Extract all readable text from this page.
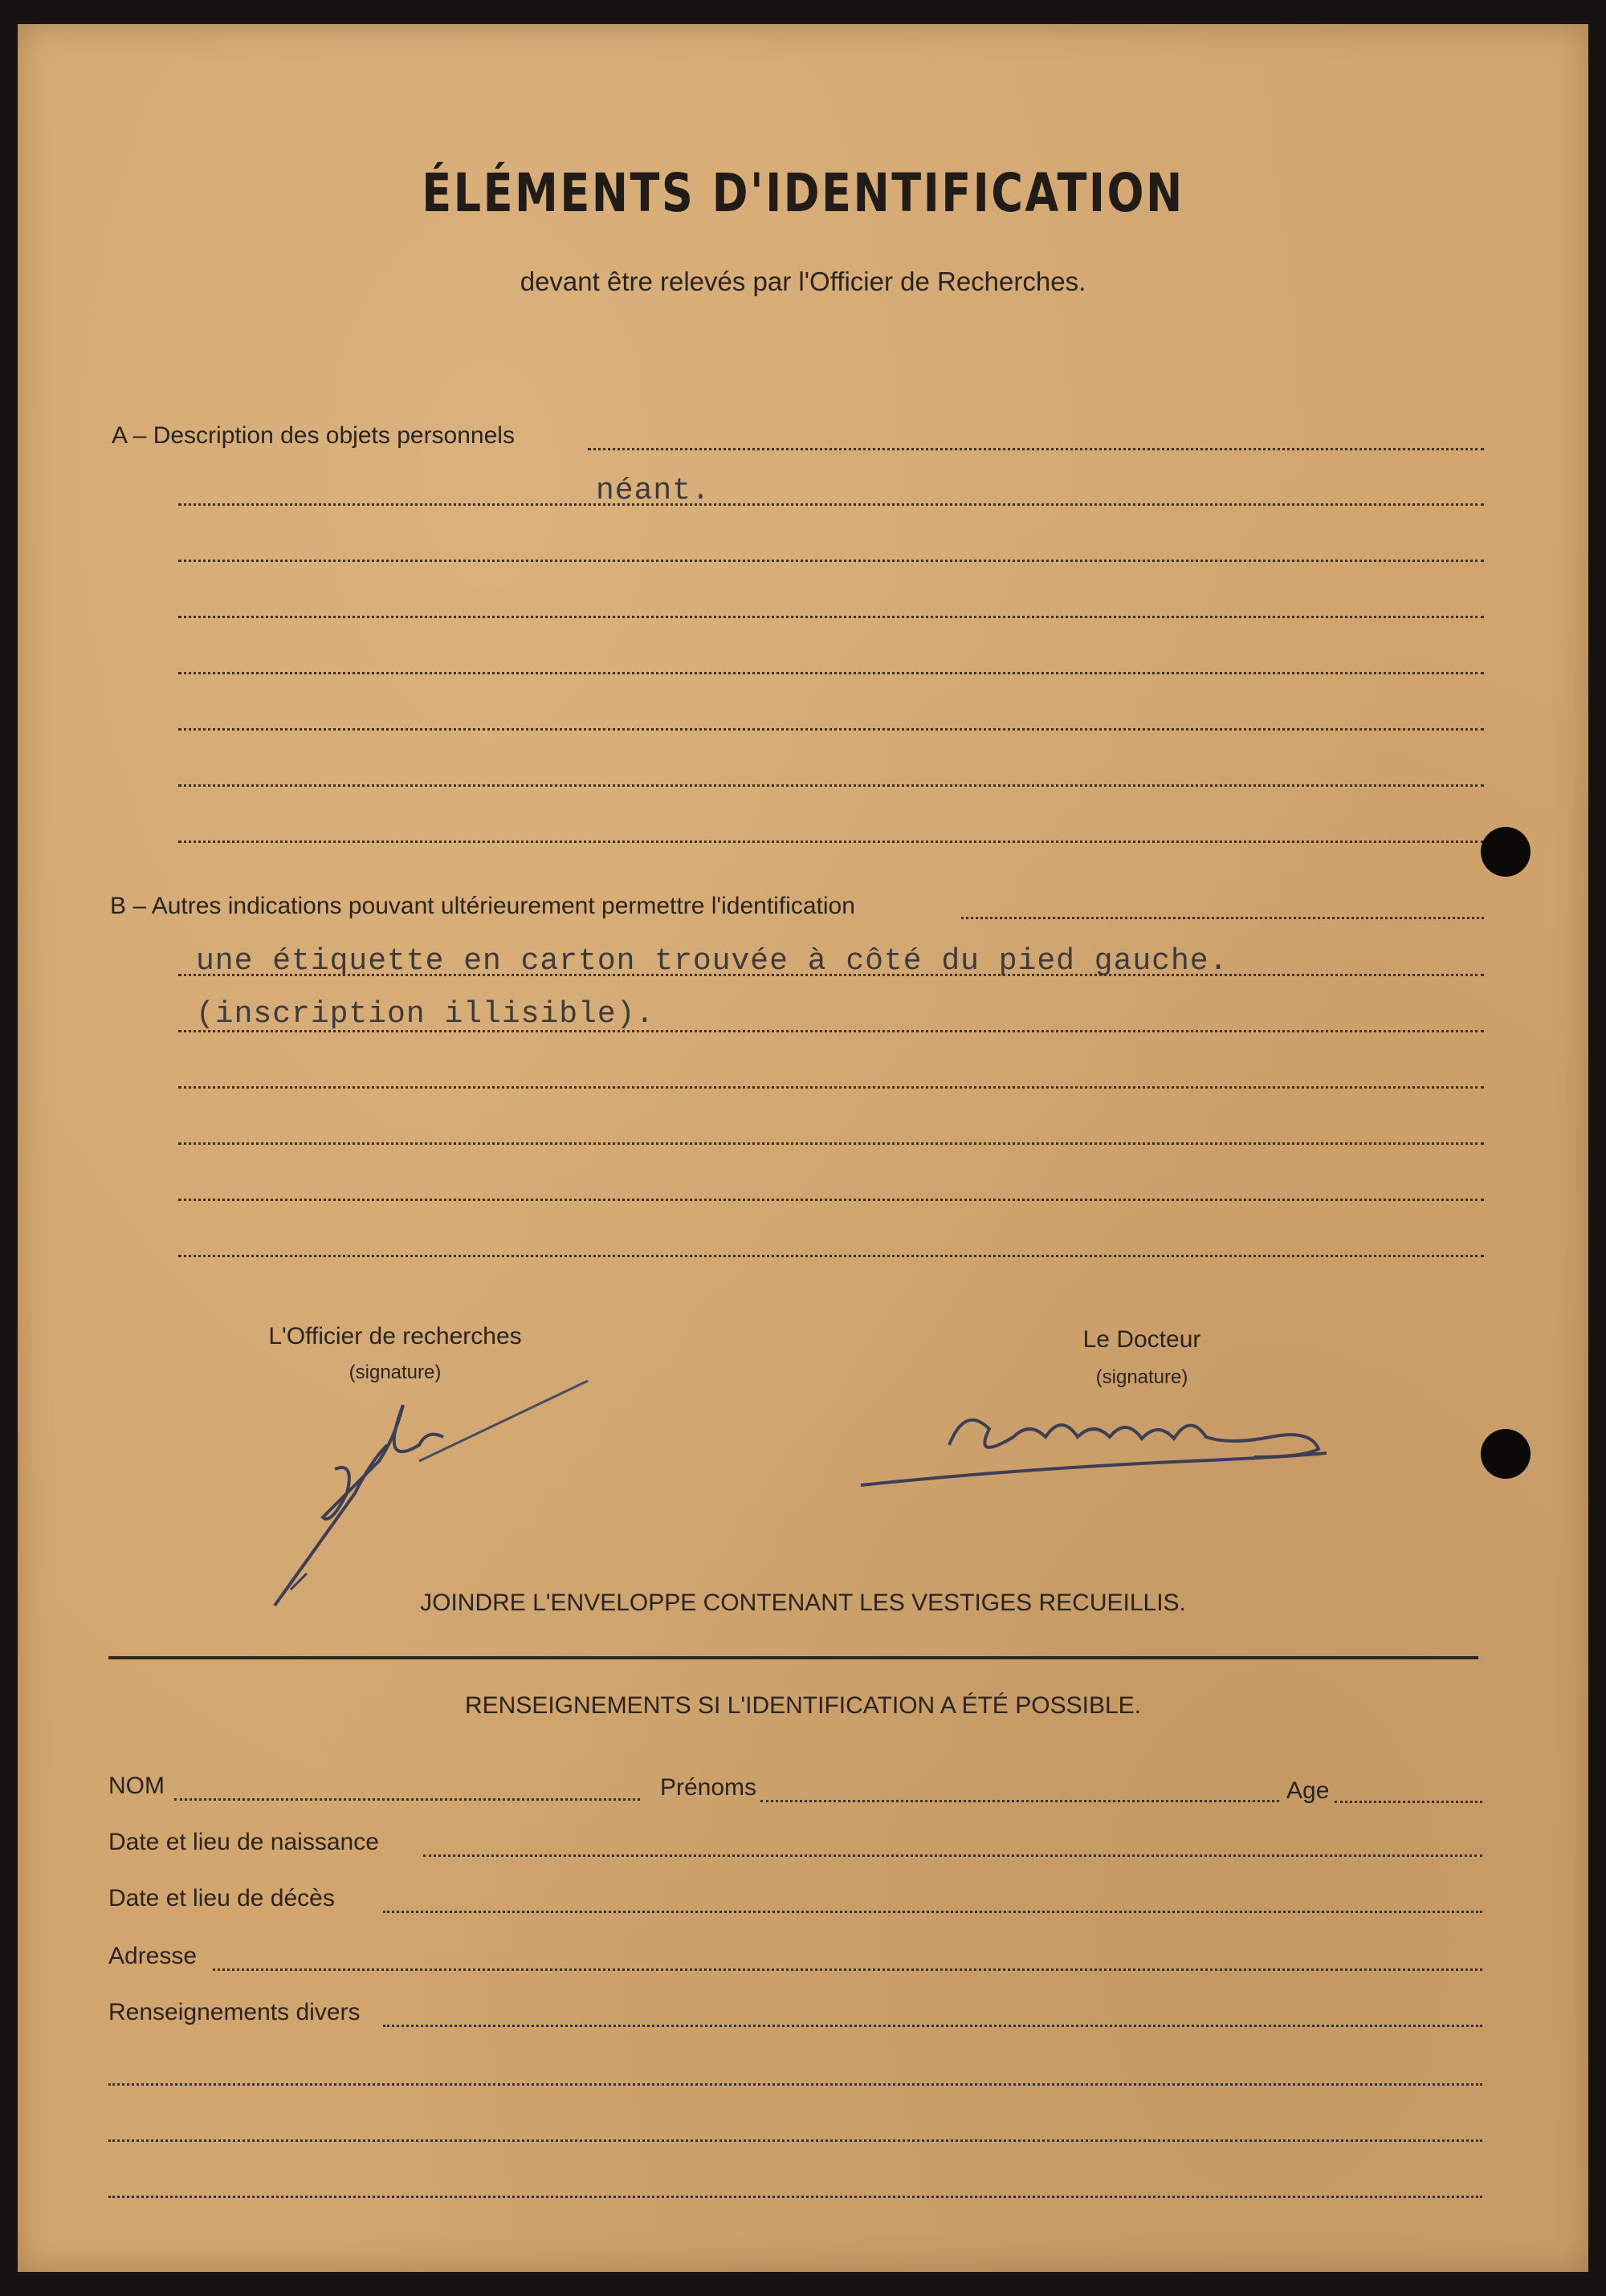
ÉLÉMENTS D'IDENTIFICATION
devant être relevés par l'Officier de Recherches.
A – Description des objets personnels
néant.
B – Autres indications pouvant ultérieurement permettre l'identification
une étiquette en carton trouvée à côté du pied gauche.
(inscription illisible).
L'Officier de recherches
(signature)
Le Docteur
(signature)
JOINDRE L'ENVELOPPE CONTENANT LES VESTIGES RECUEILLIS.
RENSEIGNEMENTS SI L'IDENTIFICATION A ÉTÉ POSSIBLE.
NOM	Prénoms	Age
Date et lieu de naissance
Date et lieu de décès
Adresse
Renseignements divers
